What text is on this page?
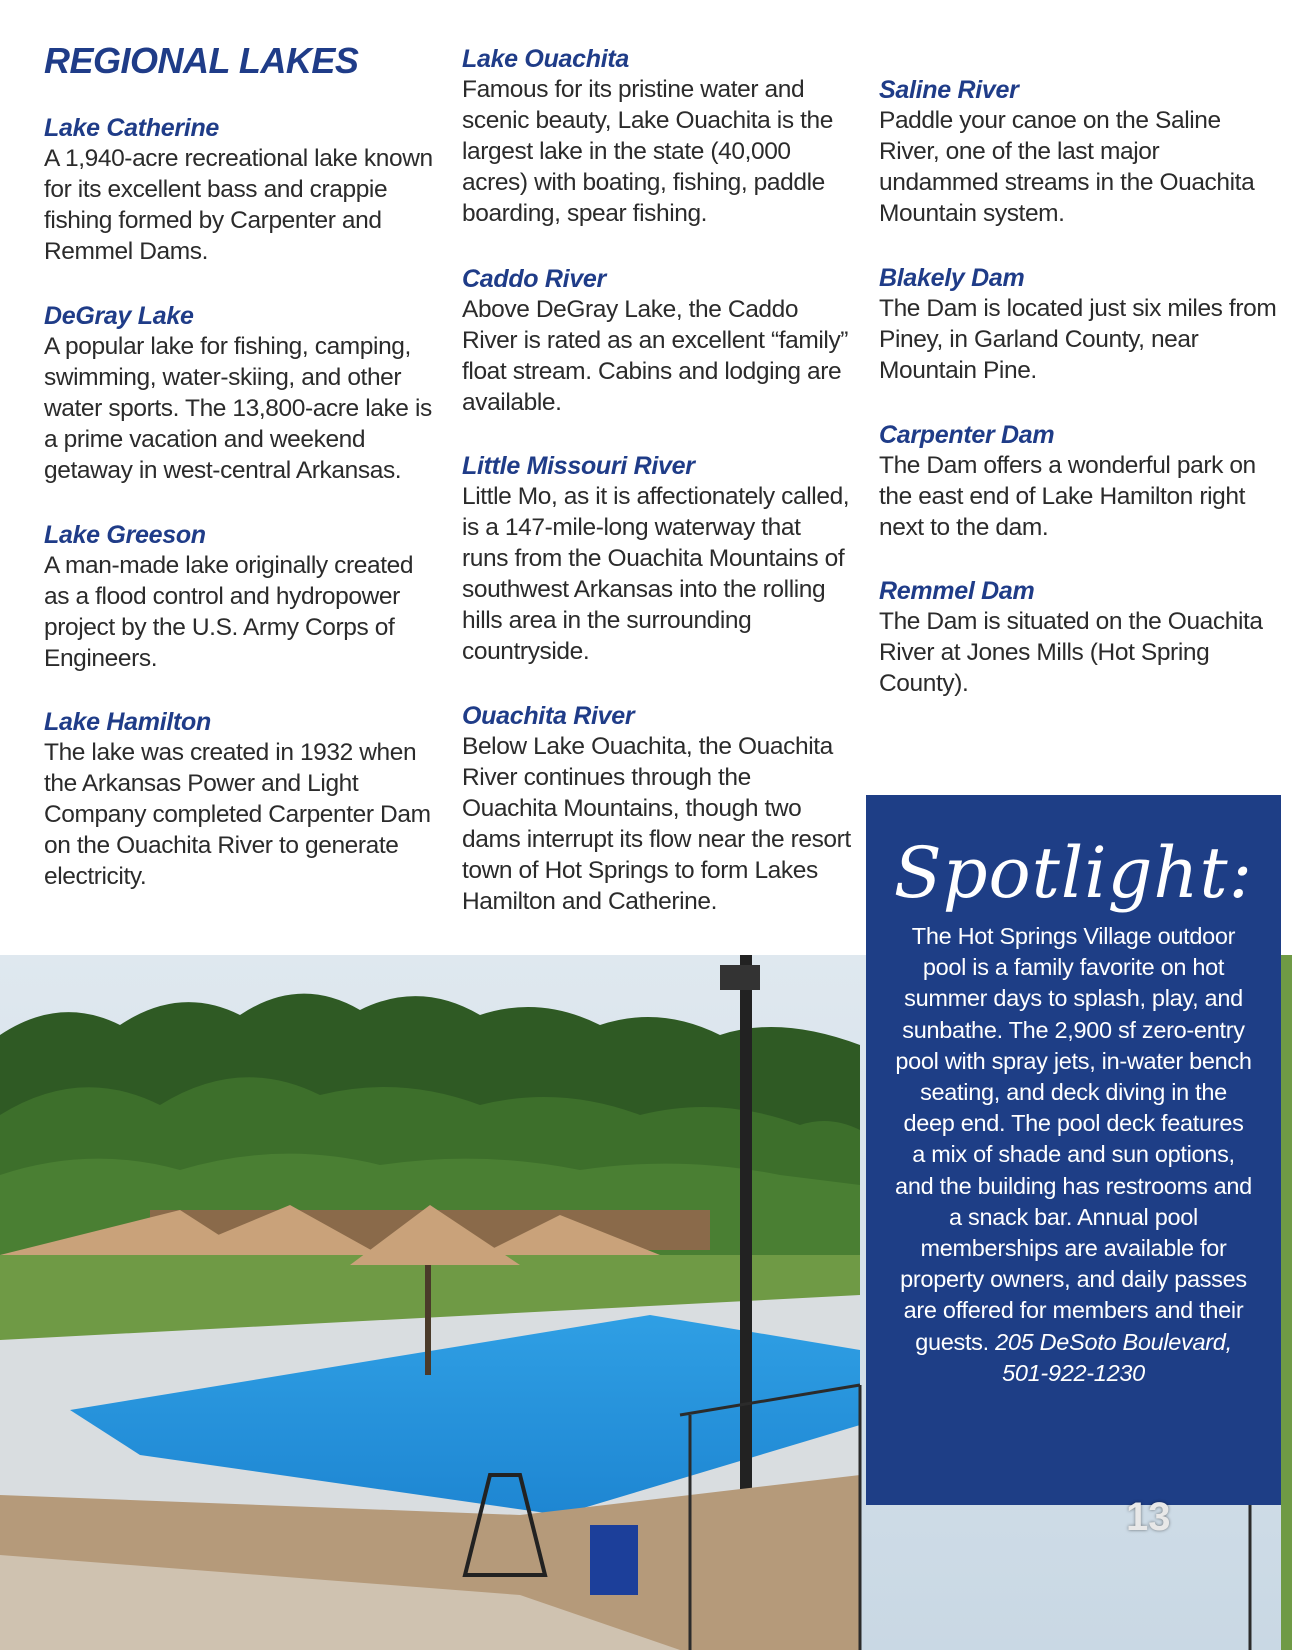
REGIONAL LAKES
Lake Catherine

A 1,940-acre recreational lake known for its excellent bass and crappie fishing formed by Carpenter and Remmel Dams.

DeGray Lake

A popular lake for fishing, camping, swimming, water-skiing, and other water sports. The 13,800-acre lake is a prime vacation and weekend getaway in west-central Arkansas.

Lake Greeson

A man-made lake originally created as a flood control and hydropower project by the U.S. Army Corps of Engineers.

Lake Hamilton

The lake was created in 1932 when the Arkansas Power and Light Company completed Carpenter Dam on the Ouachita River to generate electricity.

Lake Ouachita

Famous for its pristine water and scenic beauty, Lake Ouachita is the largest lake in the state (40,000 acres) with boating, fishing, paddle boarding, spear fishing.

Caddo River

Above DeGray Lake, the Caddo River is rated as an excellent “family” float stream. Cabins and lodging are available.

Little Missouri River

Little Mo, as it is affectionately called, is a 147-mile-long waterway that runs from the Ouachita Mountains of southwest Arkansas into the rolling hills area in the surrounding countryside.

Ouachita River

Below Lake Ouachita, the Ouachita River continues through the Ouachita Mountains, though two dams interrupt its flow near the resort town of Hot Springs to form Lakes Hamilton and Catherine.

Saline River

Paddle your canoe on the Saline River, one of the last major undammed streams in the Ouachita Mountain system.

Blakely Dam

The Dam is located just six miles from Piney, in Garland County, near Mountain Pine.

Carpenter Dam

The Dam offers a wonderful park on the east end of Lake Hamilton right next to the dam.

Remmel Dam

The Dam is situated on the Ouachita River at Jones Mills (Hot Spring County).

Spotlight:

The Hot Springs Village outdoor pool is a family favorite on hot summer days to splash, play, and sunbathe. The 2,900 sf zero-entry pool with spray jets, in-water bench seating, and deck diving in the deep end. The pool deck features a mix of shade and sun options, and the building has restrooms and a snack bar. Annual pool memberships are available for property owners, and daily passes are offered for members and their guests. 205 DeSoto Boulevard, 501-922-1230

13
